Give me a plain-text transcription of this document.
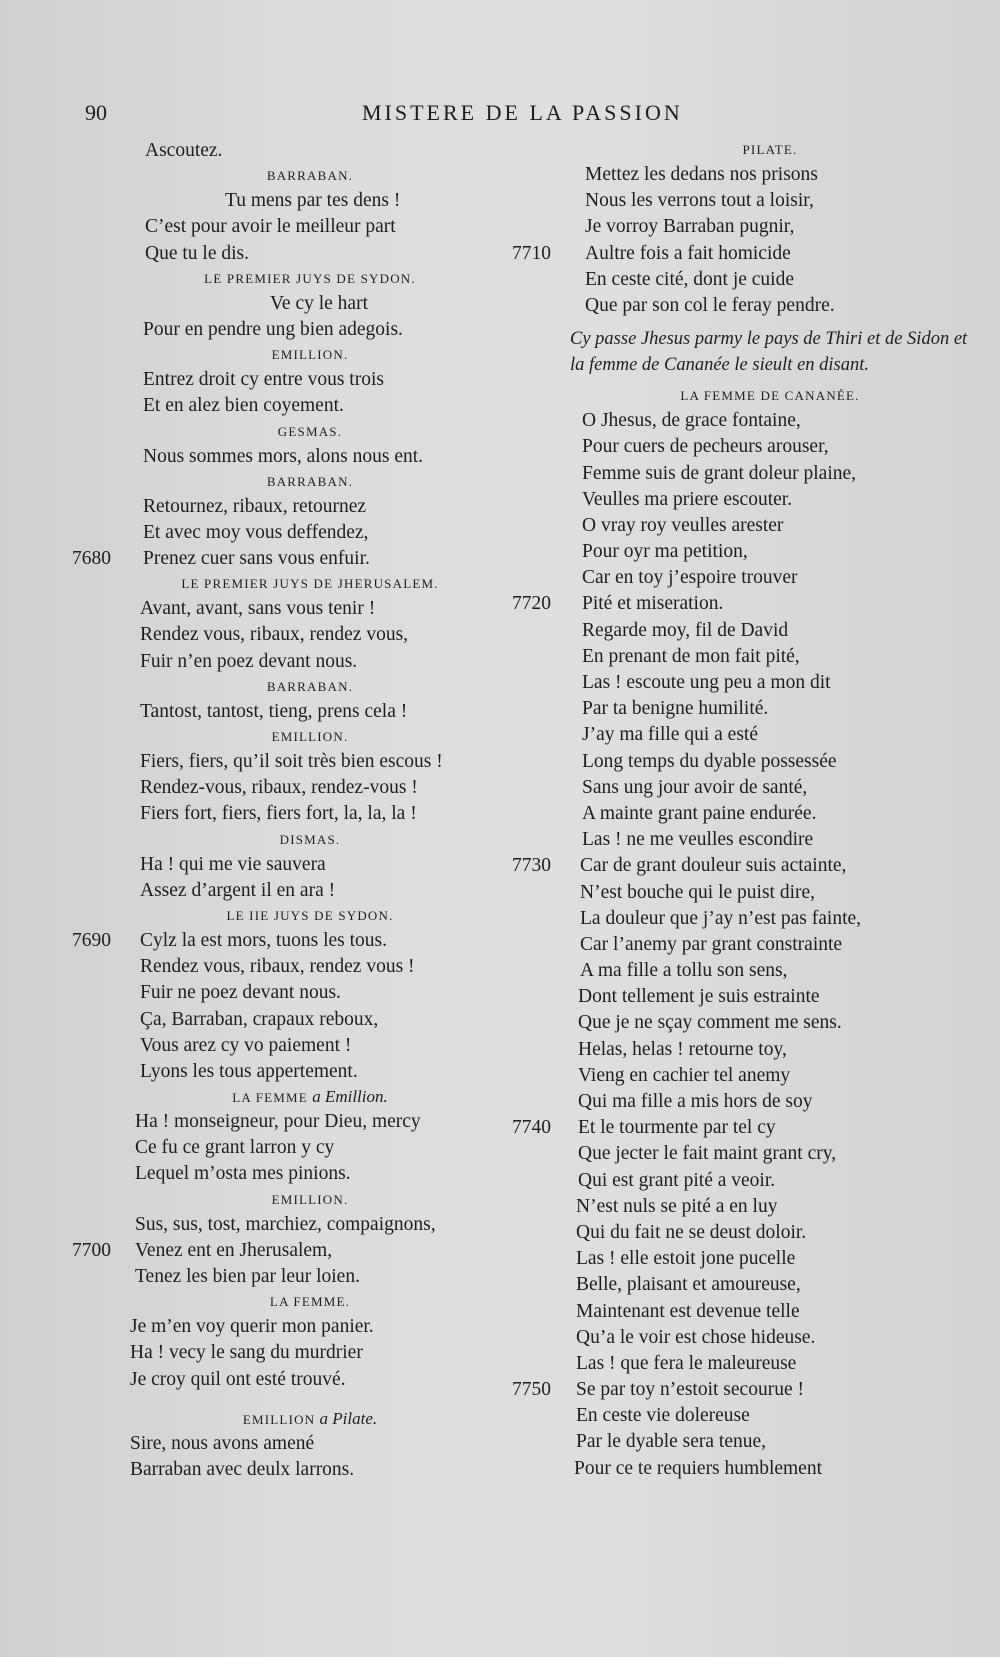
90	MISTERE DE LA PASSION
Ascoutez.
BARRABAN.
Tu mens par tes dens !
C’est pour avoir le meilleur part
Que tu le dis.
LE PREMIER JUYS DE SYDON.
Ve cy le hart
Pour en pendre ung bien adegois.
EMILLION.
Entrez droit cy entre vous trois
Et en alez bien coyement.
GESMAS.
Nous sommes mors, alons nous ent.
BARRABAN.
Retournez, ribaux, retournez
Et avec moy vous deffendez,
7680 Prenez cuer sans vous enfuir.
LE PREMIER JUYS DE JHERUSALEM.
Avant, avant, sans vous tenir !
Rendez vous, ribaux, rendez vous,
Fuir n’en poez devant nous.
BARRABAN.
Tantost, tantost, tieng, prens cela !
EMILLION.
Fiers, fiers, qu’il soit très bien escous !
Rendez-vous, ribaux, rendez-vous !
Fiers fort, fiers, fiers fort, la, la, la !
DISMAS.
Ha ! qui me vie sauvera
Assez d’argent il en ara !
LE IIE JUYS DE SYDON.
7690 Cylz la est mors, tuons les tous.
Rendez vous, ribaux, rendez vous !
Fuir ne poez devant nous.
Ça, Barraban, crapaux reboux,
Vous arez cy vo paiement !
Lyons les tous appertement.
LA FEMME a Emillion.
Ha ! monseigneur, pour Dieu, mercy
Ce fu ce grant larron y cy
Lequel m’osta mes pinions.
EMILLION.
Sus, sus, tost, marchiez, compaignons,
7700 Venez ent en Jherusalem,
Tenez les bien par leur loien.
LA FEMME.
Je m’en voy querir mon panier.
Ha ! vecy le sang du murdrier
Je croy quil ont esté trouvé.
EMILLION a Pilate.
Sire, nous avons amené
Barraban avec deulx larrons.
PILATE.
Mettez les dedans nos prisons
Nous les verrons tout a loisir,
Je vorroy Barraban pugnir,
7710 Aultre fois a fait homicide
En ceste cité, dont je cuide
Que par son col le feray pendre.
Cy passe Jhesus parmy le pays de Thiri et de Sidon et la femme de Cananée le sieult en disant.
LA FEMME DE CANANÉE.
O Jhesus, de grace fontaine,
Pour cuers de pecheurs arouser,
Femme suis de grant doleur plaine,
Veulles ma priere escouter.
O vray roy veulles arester
Pour oyr ma petition,
Car en toy j’espoire trouver
7720 Pité et miseration.
Regarde moy, fil de David
En prenant de mon fait pité,
Las ! escoute ung peu a mon dit
Par ta benigne humilité.
J’ay ma fille qui a esté
Long temps du dyable possessée
Sans ung jour avoir de santé,
A mainte grant paine endurée.
Las ! ne me veulles escondire
7730 Car de grant douleur suis actainte,
N’est bouche qui le puist dire,
La douleur que j’ay n’est pas fainte,
Car l’anemy par grant constrainte
A ma fille a tollu son sens,
Dont tellement je suis estrainte
Que je ne sçay comment me sens.
Helas, helas ! retourne toy,
Vieng en cachier tel anemy
Qui ma fille a mis hors de soy
7740 Et le tourmente par tel cy
Que jecter le fait maint grant cry,
Qui est grant pité a veoir.
N’est nuls se pité a en luy
Qui du fait ne se deust doloir.
Las ! elle estoit jone pucelle
Belle, plaisant et amoureuse,
Maintenant est devenue telle
Qu’a le voir est chose hideuse.
Las ! que fera le maleureuse
7750 Se par toy n’estoit secourue !
En ceste vie dolereuse
Par le dyable sera tenue,
Pour ce te requiers humblement
